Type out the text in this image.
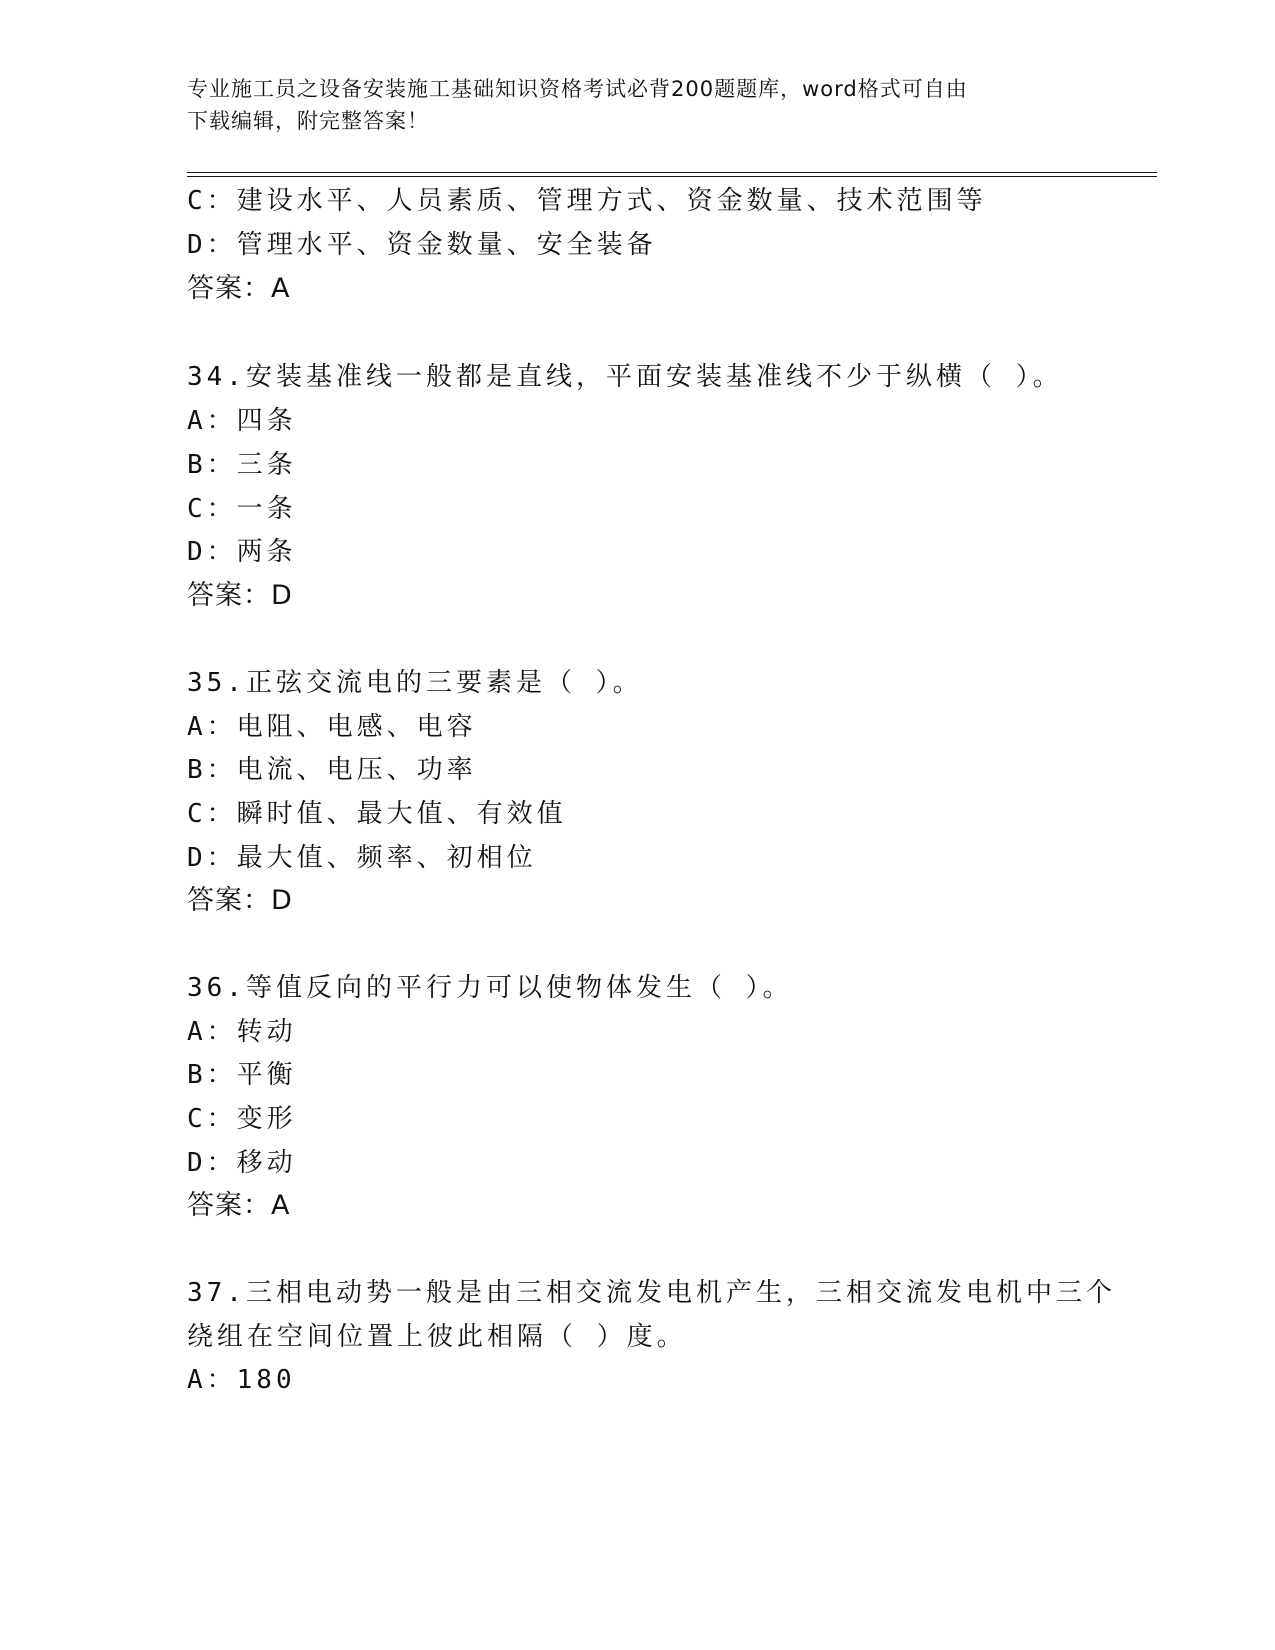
专业施工员之设备安装施工基础知识资格考试必背200题题库，word格式可自由
下载编辑，附完整答案！
C：建设水平、人员素质、管理方式、资金数量、技术范围等
D：管理水平、资金数量、安全装备
答案：A
34.安装基准线一般都是直线，平面安装基准线不少于纵横（ ）。
A：四条
B：三条
C：一条
D：两条
答案：D
35.正弦交流电的三要素是（ ）。
A：电阻、电感、电容
B：电流、电压、功率
C：瞬时值、最大值、有效值
D：最大值、频率、初相位
答案：D
36.等值反向的平行力可以使物体发生（ ）。
A：转动
B：平衡
C：变形
D：移动
答案：A
37.三相电动势一般是由三相交流发电机产生，三相交流发电机中三个
绕组在空间位置上彼此相隔（ ）度。
A：180
